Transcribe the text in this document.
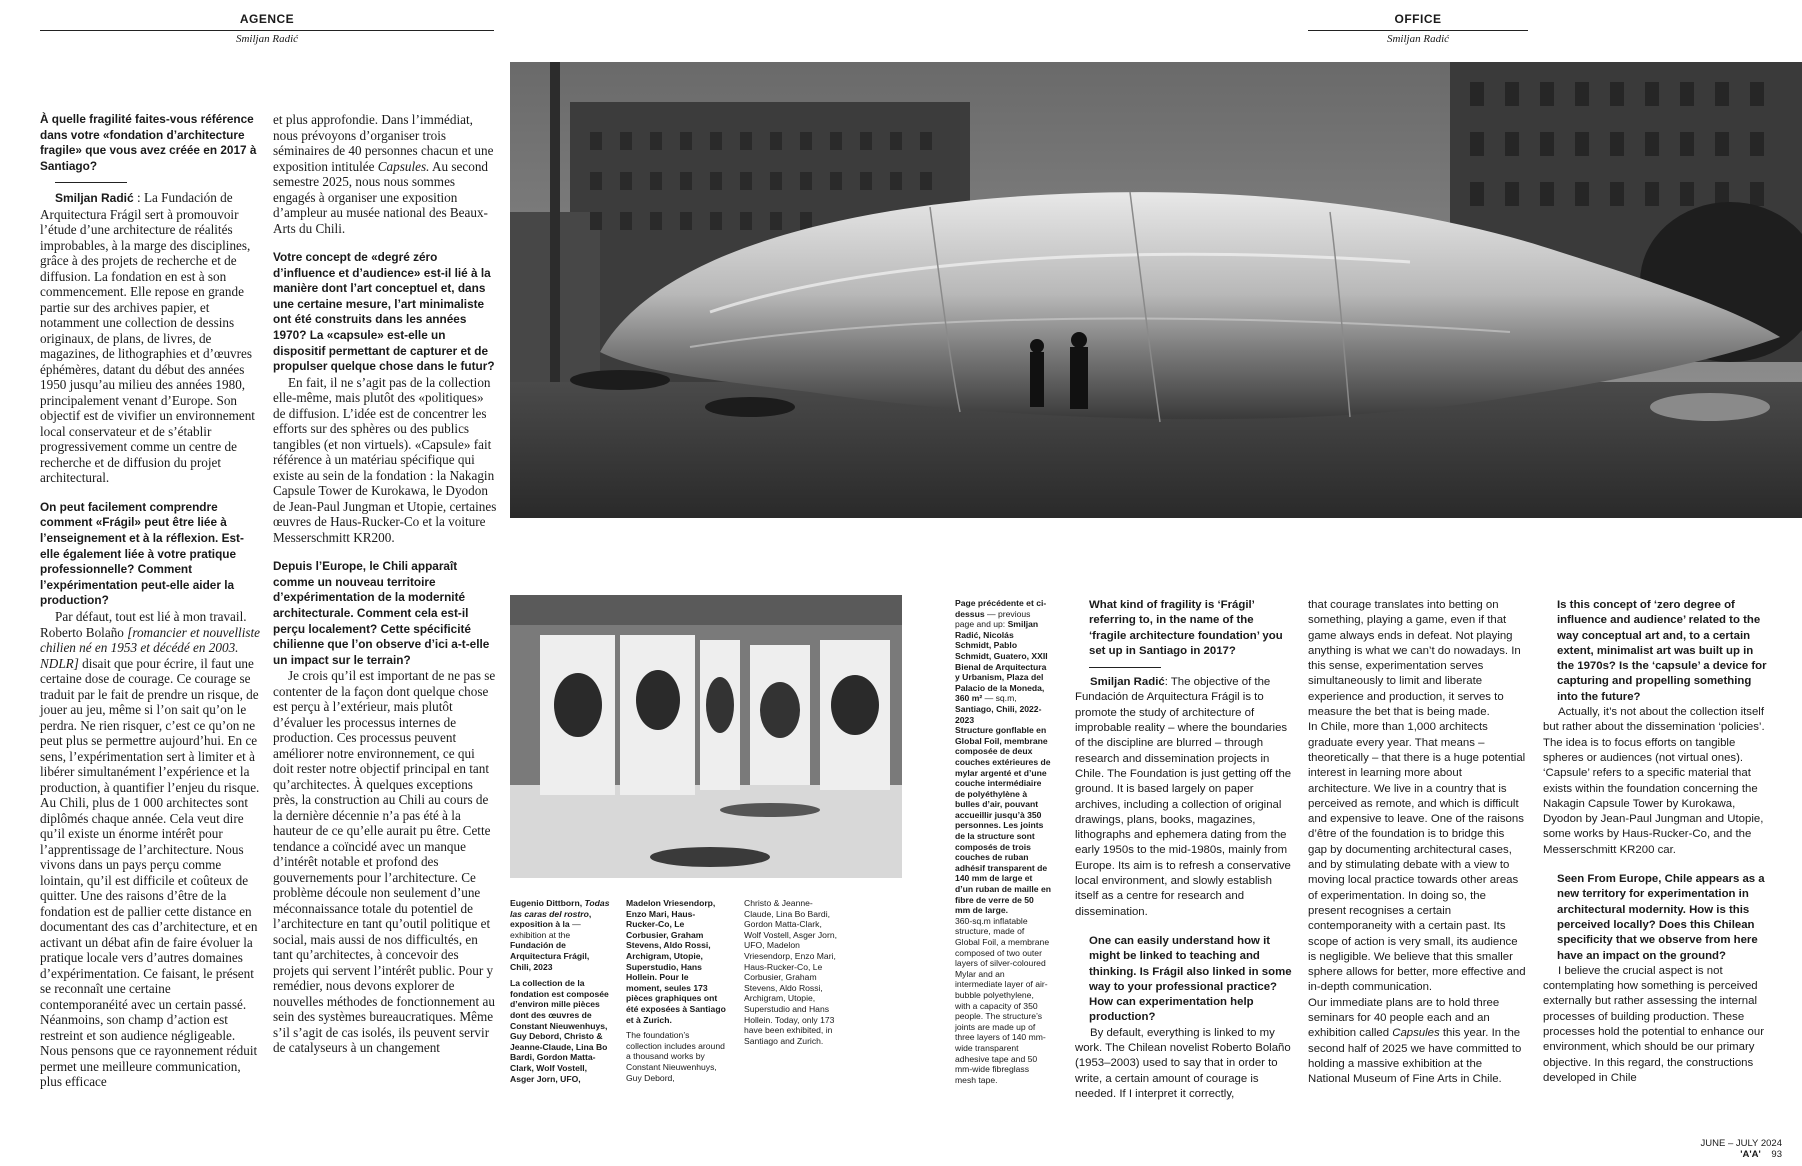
AGENCE
Smiljan Radić
OFFICE
Smiljan Radić

À quelle fragilité faites-vous référence dans votre «fondation d’architecture fragile» que vous avez créée en 2017 à Santiago?

Smiljan Radić : La Fundación de Arquitectura Frágil sert à promouvoir l’étude d’une architecture de réalités improbables, à la marge des disciplines, grâce à des projets de recherche et de diffusion. La fondation en est à son commencement. Elle repose en grande partie sur des archives papier, et notamment une collection de dessins originaux, de plans, de livres, de magazines, de lithographies et d’œuvres éphémères, datant du début des années 1950 jusqu’au milieu des années 1980, principalement venant d’Europe. Son objectif est de vivifier un environnement local conservateur et de s’établir progressivement comme un centre de recherche et de diffusion du projet architectural.

On peut facilement comprendre comment «Frágil» peut être liée à l’enseignement et à la réflexion. Est-elle également liée à votre pratique professionnelle? Comment l’expérimentation peut-elle aider la production?

Par défaut, tout est lié à mon travail. Roberto Bolaño [romancier et nouvelliste chilien né en 1953 et décédé en 2003. NDLR] disait que pour écrire, il faut une certaine dose de courage. Ce courage se traduit par le fait de prendre un risque, de jouer au jeu, même si l’on sait qu’on le perdra. Ne rien risquer, c’est ce qu’on ne peut plus se permettre aujourd’hui. En ce sens, l’expérimentation sert à limiter et à libérer simultanément l’expérience et la production, à quantifier l’enjeu du risque.

Au Chili, plus de 1 000 architectes sont diplômés chaque année. Cela veut dire qu’il existe un énorme intérêt pour l’apprentissage de l’architecture. Nous vivons dans un pays perçu comme lointain, qu’il est difficile et coûteux de quitter. Une des raisons d’être de la fondation est de pallier cette distance en documentant des cas d’architecture, et en activant un débat afin de faire évoluer la pratique locale vers d’autres domaines d’expérimentation. Ce faisant, le présent se reconnaît une certaine contemporanéité avec un certain passé. Néanmoins, son champ d’action est restreint et son audience négligeable. Nous pensons que ce rayonnement réduit permet une meilleure communication, plus efficace

et plus approfondie. Dans l’immédiat, nous prévoyons d’organiser trois séminaires de 40 personnes chacun et une exposition intitulée Capsules. Au second semestre 2025, nous nous sommes engagés à organiser une exposition d’ampleur au musée national des Beaux-Arts du Chili.

Votre concept de «degré zéro d’influence et d’audience» est-il lié à la manière dont l’art conceptuel et, dans une certaine mesure, l’art minimaliste ont été construits dans les années 1970? La «capsule» est-elle un dispositif permettant de capturer et de propulser quelque chose dans le futur?

En fait, il ne s’agit pas de la collection elle-même, mais plutôt des «politiques» de diffusion. L’idée est de concentrer les efforts sur des sphères ou des publics tangibles (et non virtuels). «Capsule» fait référence à un matériau spécifique qui existe au sein de la fondation : la Nakagin Capsule Tower de Kurokawa, le Dyodon de Jean-Paul Jungman et Utopie, certaines œuvres de Haus-Rucker-Co et la voiture Messerschmitt KR200.

Depuis l’Europe, le Chili apparaît comme un nouveau territoire d’expérimentation de la modernité architecturale. Comment cela est-il perçu localement? Cette spécificité chilienne que l’on observe d’ici a-t-elle un impact sur le terrain?

Je crois qu’il est important de ne pas se contenter de la façon dont quelque chose est perçu à l’extérieur, mais plutôt d’évaluer les processus internes de production. Ces processus peuvent améliorer notre environnement, ce qui doit rester notre objectif principal en tant qu’architectes. À quelques exceptions près, la construction au Chili au cours de la dernière décennie n’a pas été à la hauteur de ce qu’elle aurait pu être. Cette tendance a coïncidé avec un manque d’intérêt notable et profond des gouvernements pour l’architecture. Ce problème découle non seulement d’une méconnaissance totale du potentiel de l’architecture en tant qu’outil politique et social, mais aussi de nos difficultés, en tant qu’architectes, à concevoir des projets qui servent l’intérêt public. Pour y remédier, nous devons explorer de nouvelles méthodes de fonctionnement au sein des systèmes bureaucratiques. Même s’il s’agit de cas isolés, ils peuvent servir de catalyseurs à un changement

Eugenio Dittborn, Todas las caras del rostro, exposition à la — exhibition at the Fundación de Arquitectura Frágil, Chili, 2023

La collection de la fondation est composée d’environ mille pièces dont des œuvres de Constant Nieuwenhuys, Guy Debord, Christo & Jeanne-Claude, Lina Bo Bardi, Gordon Matta-Clark, Wolf Vostell, Asger Jorn, UFO,

Madelon Vriesendorp, Enzo Mari, Haus-Rucker-Co, Le Corbusier, Graham Stevens, Aldo Rossi, Archigram, Utopie, Superstudio, Hans Hollein. Pour le moment, seules 173 pièces graphiques ont été exposées à Santiago et à Zurich.

The foundation’s collection includes around a thousand works by Constant Nieuwenhuys, Guy Debord,

Christo & Jeanne-Claude, Lina Bo Bardi, Gordon Matta-Clark, Wolf Vostell, Asger Jorn, UFO, Madelon Vriesendorp, Enzo Mari, Haus-Rucker-Co, Le Corbusier, Graham Stevens, Aldo Rossi, Archigram, Utopie, Superstudio and Hans Hollein. Today, only 173 have been exhibited, in Santiago and Zurich.

Page précédente et ci-dessus — previous page and up: Smiljan Radić, Nicolás Schmidt, Pablo Schmidt, Guatero, XXII Bienal de Arquitectura y Urbanism, Plaza del Palacio de la Moneda, 360 m² — sq.m, Santiago, Chili, 2022-2023

Structure gonflable en Global Foil, membrane composée de deux couches extérieures de mylar argenté et d’une couche intermédiaire de polyéthylène à bulles d’air, pouvant accueillir jusqu’à 350 personnes. Les joints de la structure sont composés de trois couches de ruban adhésif transparent de 140 mm de large et d’un ruban de maille en fibre de verre de 50 mm de large.

360-sq.m inflatable structure, made of Global Foil, a membrane composed of two outer layers of silver-coloured Mylar and an intermediate layer of air-bubble polyethylene, with a capacity of 350 people. The structure’s joints are made up of three layers of 140 mm-wide transparent adhesive tape and 50 mm-wide fibreglass mesh tape.

What kind of fragility is ‘Frágil’ referring to, in the name of the ‘fragile architecture foundation’ you set up in Santiago in 2017?

Smiljan Radić: The objective of the Fundación de Arquitectura Frágil is to promote the study of architecture of improbable reality – where the boundaries of the discipline are blurred – through research and dissemination projects in Chile. The Foundation is just getting off the ground. It is based largely on paper archives, including a collection of original drawings, plans, books, magazines, lithographs and ephemera dating from the early 1950s to the mid-1980s, mainly from Europe. Its aim is to refresh a conservative local environment, and slowly establish itself as a centre for research and dissemination.

One can easily understand how it might be linked to teaching and thinking. Is Frágil also linked in some way to your professional practice? How can experimentation help production?

By default, everything is linked to my work. The Chilean novelist Roberto Bolaño (1953–2003) used to say that in order to write, a certain amount of courage is needed. If I interpret it correctly,

that courage translates into betting on something, playing a game, even if that game always ends in defeat. Not playing anything is what we can’t do nowadays. In this sense, experimentation serves simultaneously to limit and liberate experience and production, it serves to measure the bet that is being made.

In Chile, more than 1,000 architects graduate every year. That means – theoretically – that there is a huge potential interest in learning more about architecture. We live in a country that is perceived as remote, and which is difficult and expensive to leave. One of the raisons d’être of the foundation is to bridge this gap by documenting architectural cases, and by stimulating debate with a view to moving local practice towards other areas of experimentation. In doing so, the present recognises a certain contemporaneity with a certain past. Its scope of action is very small, its audience is negligible. We believe that this smaller sphere allows for better, more effective and in-depth communication.

Our immediate plans are to hold three seminars for 40 people each and an exhibition called Capsules this year. In the second half of 2025 we have committed to holding a massive exhibition at the National Museum of Fine Arts in Chile.

Is this concept of ‘zero degree of influence and audience’ related to the way conceptual art and, to a certain extent, minimalist art was built up in the 1970s? Is the ‘capsule’ a device for capturing and propelling something into the future?

Actually, it’s not about the collection itself but rather about the dissemination ‘policies’. The idea is to focus efforts on tangible spheres or audiences (not virtual ones). ‘Capsule’ refers to a specific material that exists within the foundation concerning the Nakagin Capsule Tower by Kurokawa, Dyodon by Jean-Paul Jungman and Utopie, some works by Haus-Rucker-Co, and the Messerschmitt KR200 car.

Seen From Europe, Chile appears as a new territory for experimentation in architectural modernity. How is this perceived locally? Does this Chilean specificity that we observe from here have an impact on the ground?

I believe the crucial aspect is not contemplating how something is perceived externally but rather assessing the internal processes of building production. These processes hold the potential to enhance our environment, which should be our primary objective. In this regard, the constructions developed in Chile

JUNE – JULY 2024 'A'A' 93
